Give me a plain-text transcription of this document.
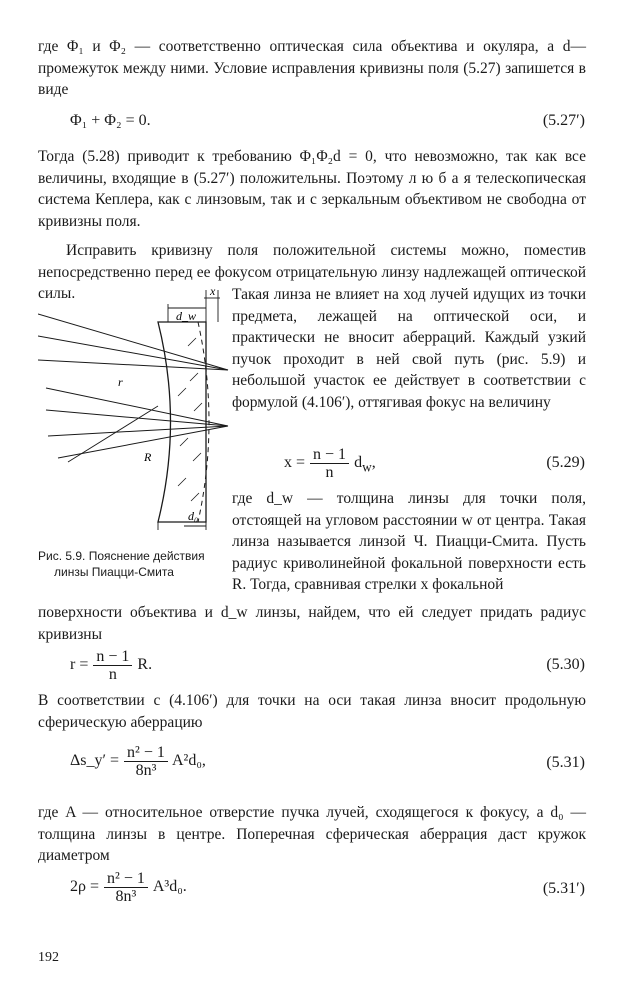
где Φ₁ и Φ₂ — соответственно оптическая сила объектива и окуляра, а d—промежуток между ними. Условие исправления кривизны поля (5.27) запишется в виде

Φ₁ + Φ₂ = 0.	(5.27′)

Тогда (5.28) приводит к требованию Φ₁Φ₂d = 0, что невозможно, так как все величины, входящие в (5.27′) положительны. Поэтому л ю б а я телескопическая система Кеплера, как с линзовым, так и с зеркальным объективом не свободна от кривизны поля.

Исправить кривизну поля положительной системы можно, поместив непосредственно перед ее фокусом отрицательную линзу надлежащей оптической силы.	x
d_w
r
R
d₀

Такая линза не влияет на ход лучей идущих из точки предмета, лежащей на оптической оси, и практически не вносит аберраций. Каждый узкий пучок проходит в ней свой путь (рис. 5.9) и небольшой участок ее действует в соответствии с формулой (4.106′), оттягивая фокус на величину

$x = \frac{n - 1}{n} d_w$,	(5.29)

где d_w — толщина линзы для точки поля, отстоящей на угловом расстоянии w от центра. Такая линза называется линзой Ч. Пиацци-Смита. Пусть радиус криволинейной фокальной поверхности есть R. Тогда, сравнивая стрелки x фокальной

Рис. 5.9. Пояснение действия
линзы Пиацци-Смита

поверхности объектива и d_w линзы, найдем, что ей следует придать радиус кривизны

$r = \frac{n - 1}{n} R$.	(5.30)

В соответствии с (4.106′) для точки на оси такая линза вносит продольную сферическую аберрацию

Δs_y′ = $\frac{\text{n² − 1}}{\text{8n³}} A^2d_0$,	(5.31)

где A — относительное отверстие пучка лучей, сходящегося к фокусу, а d₀ — толщина линзы в центре. Поперечная сферическая аберрация даст кружок диаметром

$2\rho = \frac{\text{n² − 1}}{\text{8n³}} A^3d_0$.	(5.31′)
192
